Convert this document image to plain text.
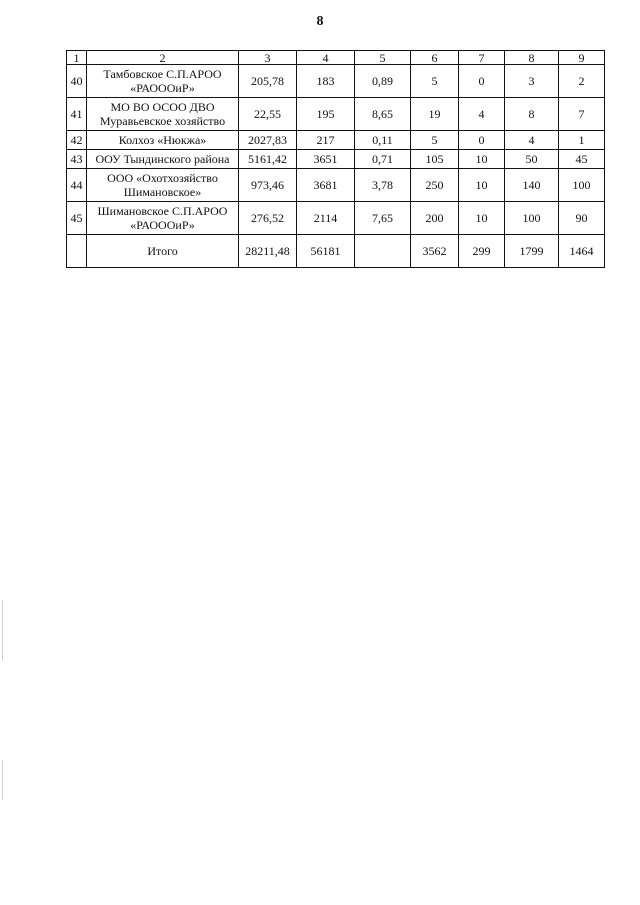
8
1	2	3	4	5	6	7	8	9
40	Тамбовское С.П.АРОО
«РАОООиР»	205,78	183	0,89	5	0	3	2
41	МО ВО ОСОО ДВО
Муравьевское хозяйство	22,55	195	8,65	19	4	8	7
42	Колхоз «Нюкжа»	2027,83	217	0,11	5	0	4	1
43	ООУ Тындинского района	5161,42	3651	0,71	105	10	50	45
44	ООО «Охотхозяйство
Шимановское»	973,46	3681	3,78	250	10	140	100
45	Шимановское С.П.АРОО
«РАОООиР»	276,52	2114	7,65	200	10	100	90
	Итого	28211,48	56181		3562	299	1799	1464
